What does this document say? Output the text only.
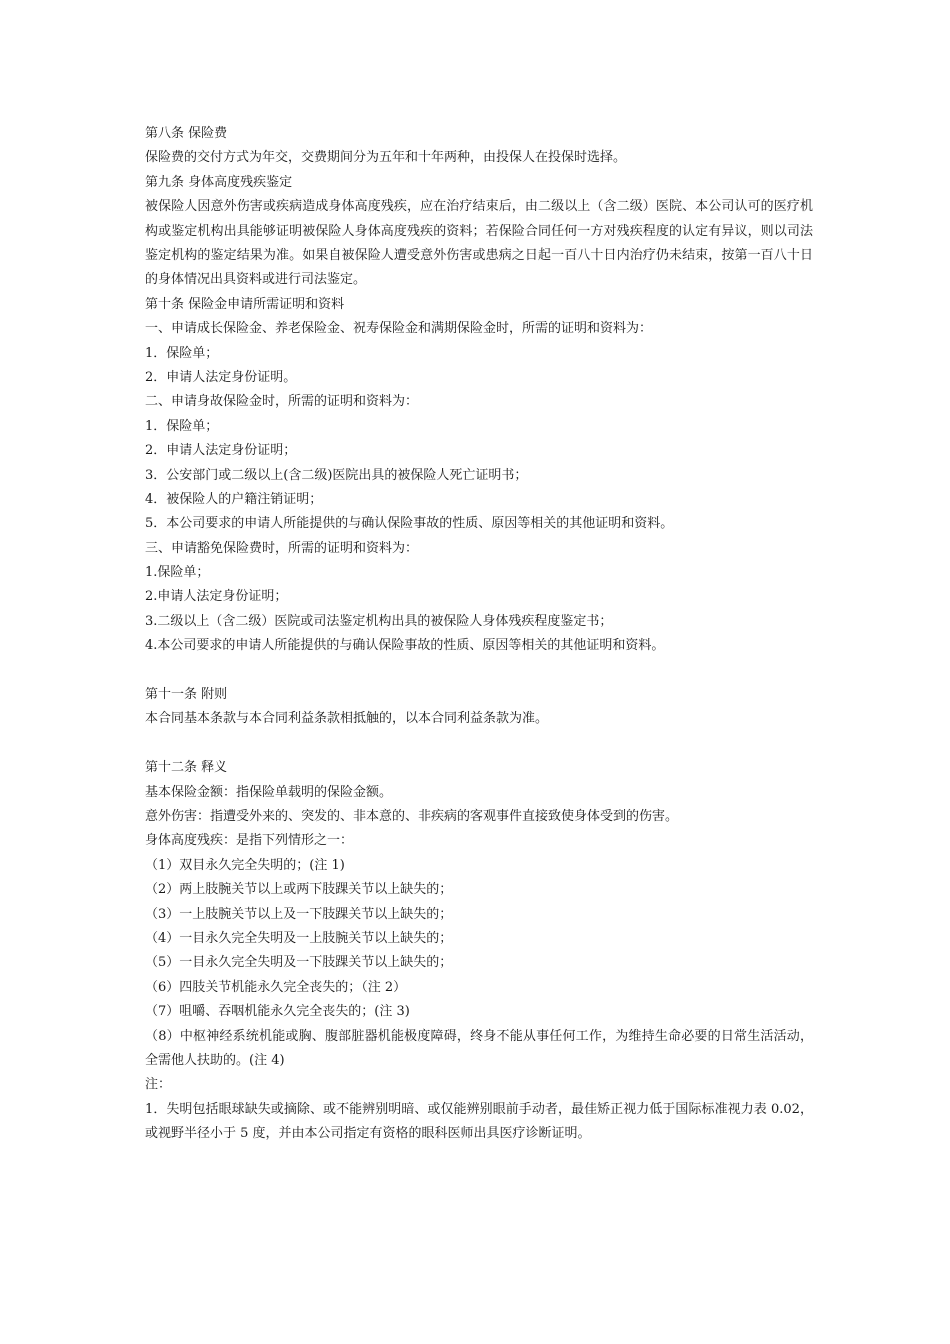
第八条 保险费
保险费的交付方式为年交，交费期间分为五年和十年两种，由投保人在投保时选择。
第九条 身体高度残疾鉴定
被保险人因意外伤害或疾病造成身体高度残疾，应在治疗结束后，由二级以上（含二级）医院、本公司认可的医疗机构或鉴定机构出具能够证明被保险人身体高度残疾的资料；若保险合同任何一方对残疾程度的认定有异议，则以司法鉴定机构的鉴定结果为准。如果自被保险人遭受意外伤害或患病之日起一百八十日内治疗仍未结束，按第一百八十日的身体情况出具资料或进行司法鉴定。
第十条 保险金申请所需证明和资料
一、申请成长保险金、养老保险金、祝寿保险金和满期保险金时，所需的证明和资料为：
1．保险单；
2．申请人法定身份证明。
二、申请身故保险金时，所需的证明和资料为：
1．保险单；
2．申请人法定身份证明；
3．公安部门或二级以上(含二级)医院出具的被保险人死亡证明书；
4．被保险人的户籍注销证明；
5．本公司要求的申请人所能提供的与确认保险事故的性质、原因等相关的其他证明和资料。
三、申请豁免保险费时，所需的证明和资料为：
1.保险单；
2.申请人法定身份证明；
3.二级以上（含二级）医院或司法鉴定机构出具的被保险人身体残疾程度鉴定书；
4.本公司要求的申请人所能提供的与确认保险事故的性质、原因等相关的其他证明和资料。
第十一条 附则
本合同基本条款与本合同利益条款相抵触的，以本合同利益条款为准。
第十二条 释义
基本保险金额：指保险单载明的保险金额。
意外伤害：指遭受外来的、突发的、非本意的、非疾病的客观事件直接致使身体受到的伤害。
身体高度残疾：是指下列情形之一：
（1）双目永久完全失明的；(注 1)
（2）两上肢腕关节以上或两下肢踝关节以上缺失的；
（3）一上肢腕关节以上及一下肢踝关节以上缺失的；
（4）一目永久完全失明及一上肢腕关节以上缺失的；
（5）一目永久完全失明及一下肢踝关节以上缺失的；
（6）四肢关节机能永久完全丧失的；（注 2）
（7）咀嚼、吞咽机能永久完全丧失的；(注 3)
（8）中枢神经系统机能或胸、腹部脏器机能极度障碍，终身不能从事任何工作，为维持生命必要的日常生活活动，全需他人扶助的。(注 4)
注：
1．失明包括眼球缺失或摘除、或不能辨别明暗、或仅能辨别眼前手动者，最佳矫正视力低于国际标准视力表 0.02，或视野半径小于 5 度，并由本公司指定有资格的眼科医师出具医疗诊断证明。
